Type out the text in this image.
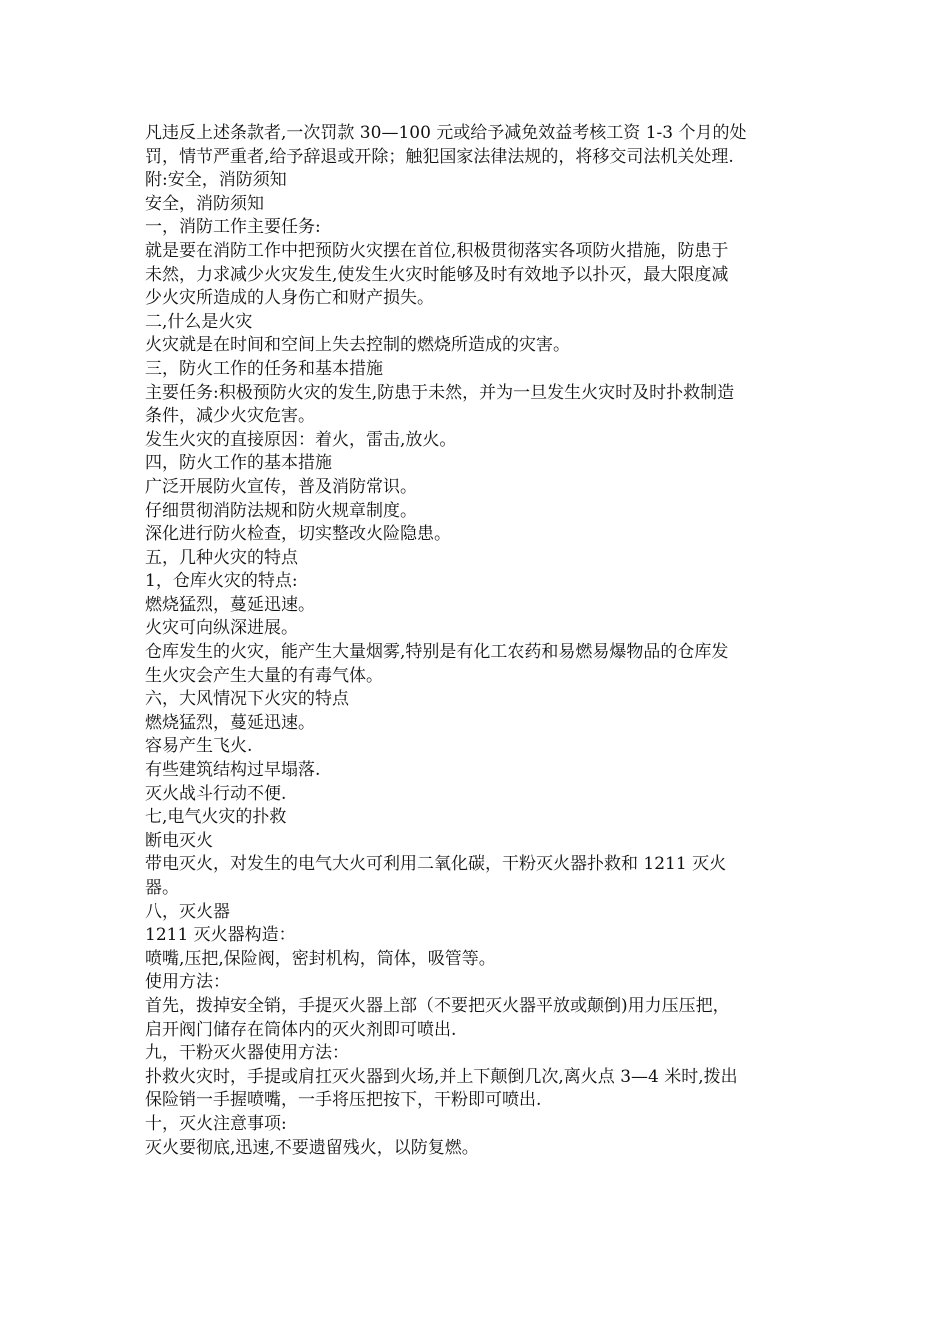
凡违反上述条款者,一次罚款 30—100 元或给予减免效益考核工资 1-3 个月的处
罚，情节严重者,给予辞退或开除；触犯国家法律法规的，将移交司法机关处理.
附:安全，消防须知
安全，消防须知
一，消防工作主要任务:
就是要在消防工作中把预防火灾摆在首位,积极贯彻落实各项防火措施，防患于
未然，力求减少火灾发生,使发生火灾时能够及时有效地予以扑灭，最大限度减
少火灾所造成的人身伤亡和财产损失。
二,什么是火灾
火灾就是在时间和空间上失去控制的燃烧所造成的灾害。
三，防火工作的任务和基本措施
主要任务:积极预防火灾的发生,防患于未然，并为一旦发生火灾时及时扑救制造
条件，减少火灾危害。
发生火灾的直接原因：着火，雷击,放火。
四，防火工作的基本措施
广泛开展防火宣传，普及消防常识。
仔细贯彻消防法规和防火规章制度。
深化进行防火检查，切实整改火险隐患。
五，几种火灾的特点
1，仓库火灾的特点:
燃烧猛烈，蔓延迅速。
火灾可向纵深进展。
仓库发生的火灾，能产生大量烟雾,特别是有化工农药和易燃易爆物品的仓库发
生火灾会产生大量的有毒气体。
六，大风情况下火灾的特点
燃烧猛烈，蔓延迅速。
容易产生飞火.
有些建筑结构过早塌落.
灭火战斗行动不便.
七,电气火灾的扑救
断电灭火
带电灭火，对发生的电气大火可利用二氧化碳，干粉灭火器扑救和 1211 灭火
器。
八，灭火器
1211 灭火器构造：
喷嘴,压把,保险阀，密封机构，筒体，吸管等。
使用方法：
首先，拨掉安全销，手提灭火器上部（不要把灭火器平放或颠倒)用力压压把，
启开阀门储存在筒体内的灭火剂即可喷出.
九，干粉灭火器使用方法：
扑救火灾时，手提或肩扛灭火器到火场,并上下颠倒几次,离火点 3—4 米时,拨出
保险销一手握喷嘴，一手将压把按下，干粉即可喷出.
十，灭火注意事项:
灭火要彻底,迅速,不要遗留残火，以防复燃。
